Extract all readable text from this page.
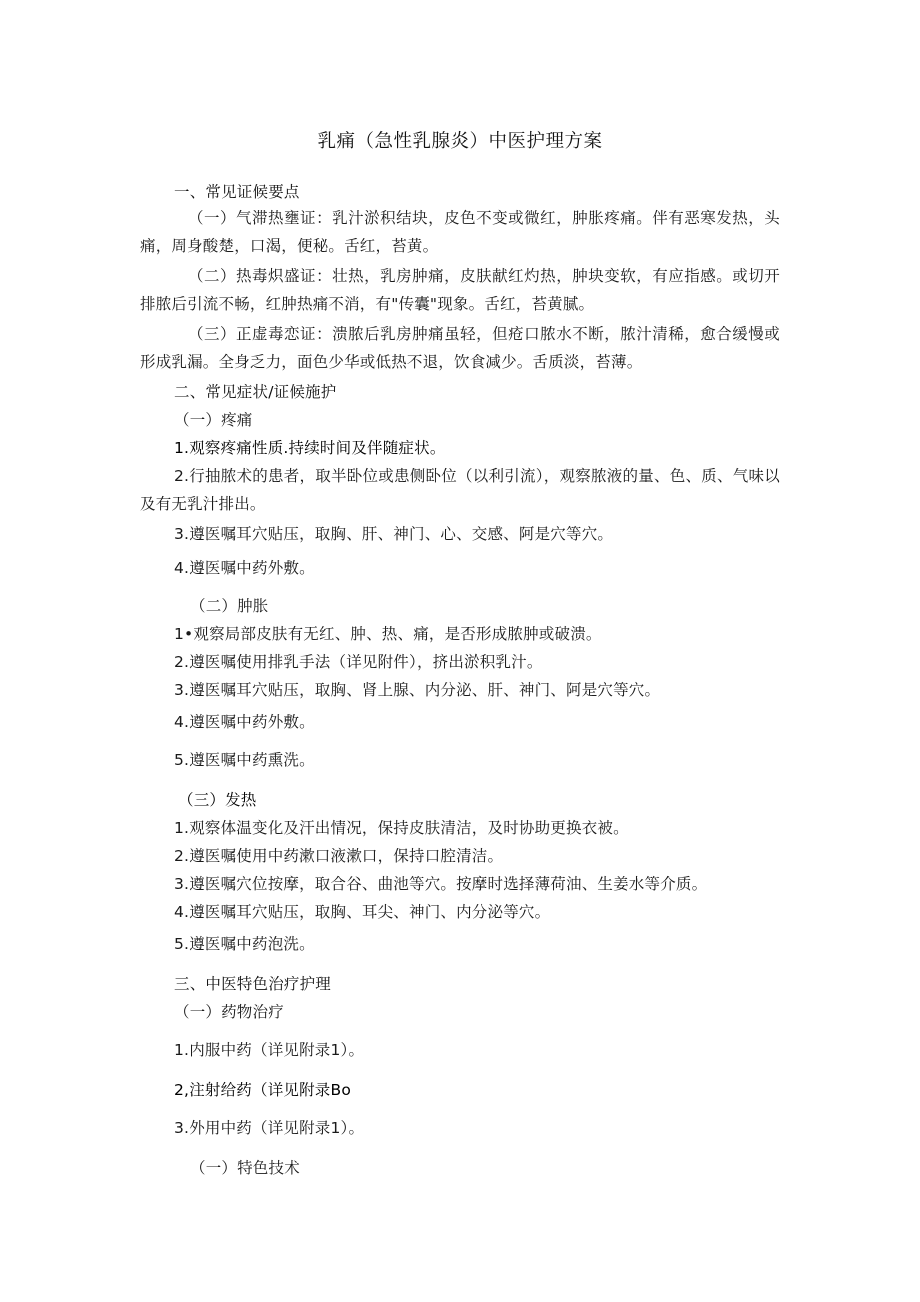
乳痛（急性乳腺炎）中医护理方案
一、常见证候要点
（一）气滞热壅证：乳汁淤积结块，皮色不变或微红，肿胀疼痛。伴有恶寒发热，头痛，周身酸楚，口渴，便秘。舌红，苔黄。
（二）热毒炽盛证：壮热，乳房肿痛，皮肤献红灼热，肿块变软，有应指感。或切开排脓后引流不畅，红肿热痛不消，有"传囊"现象。舌红，苔黄腻。
（三）正虚毒恋证：溃脓后乳房肿痛虽轻，但疮口脓水不断，脓汁清稀，愈合缓慢或形成乳漏。全身乏力，面色少华或低热不退，饮食减少。舌质淡，苔薄。
二、常见症状/证候施护
（一）疼痛
1.观察疼痛性质.持续时间及伴随症状。
2.行抽脓术的患者，取半卧位或患侧卧位（以利引流），观察脓液的量、色、质、气味以及有无乳汁排出。
3.遵医嘱耳穴贴压，取胸、肝、神门、心、交感、阿是穴等穴。
4.遵医嘱中药外敷。
（二）肿胀
1•观察局部皮肤有无红、肿、热、痛，是否形成脓肿或破溃。
2.遵医嘱使用排乳手法（详见附件），挤出淤积乳汁。
3.遵医嘱耳穴贴压，取胸、肾上腺、内分泌、肝、神门、阿是穴等穴。
4.遵医嘱中药外敷。
5.遵医嘱中药熏洗。
（三）发热
1.观察体温变化及汗出情况，保持皮肤清洁，及时协助更换衣被。
2.遵医嘱使用中药漱口液漱口，保持口腔清洁。
3.遵医嘱穴位按摩，取合谷、曲池等穴。按摩时选择薄荷油、生姜水等介质。
4.遵医嘱耳穴贴压，取胸、耳尖、神门、内分泌等穴。
5.遵医嘱中药泡洗。
三、中医特色治疗护理
（一）药物治疗
1.内服中药（详见附录1）。
2,注射给药（详见附录Bo
3.外用中药（详见附录1）。
（一）特色技术
